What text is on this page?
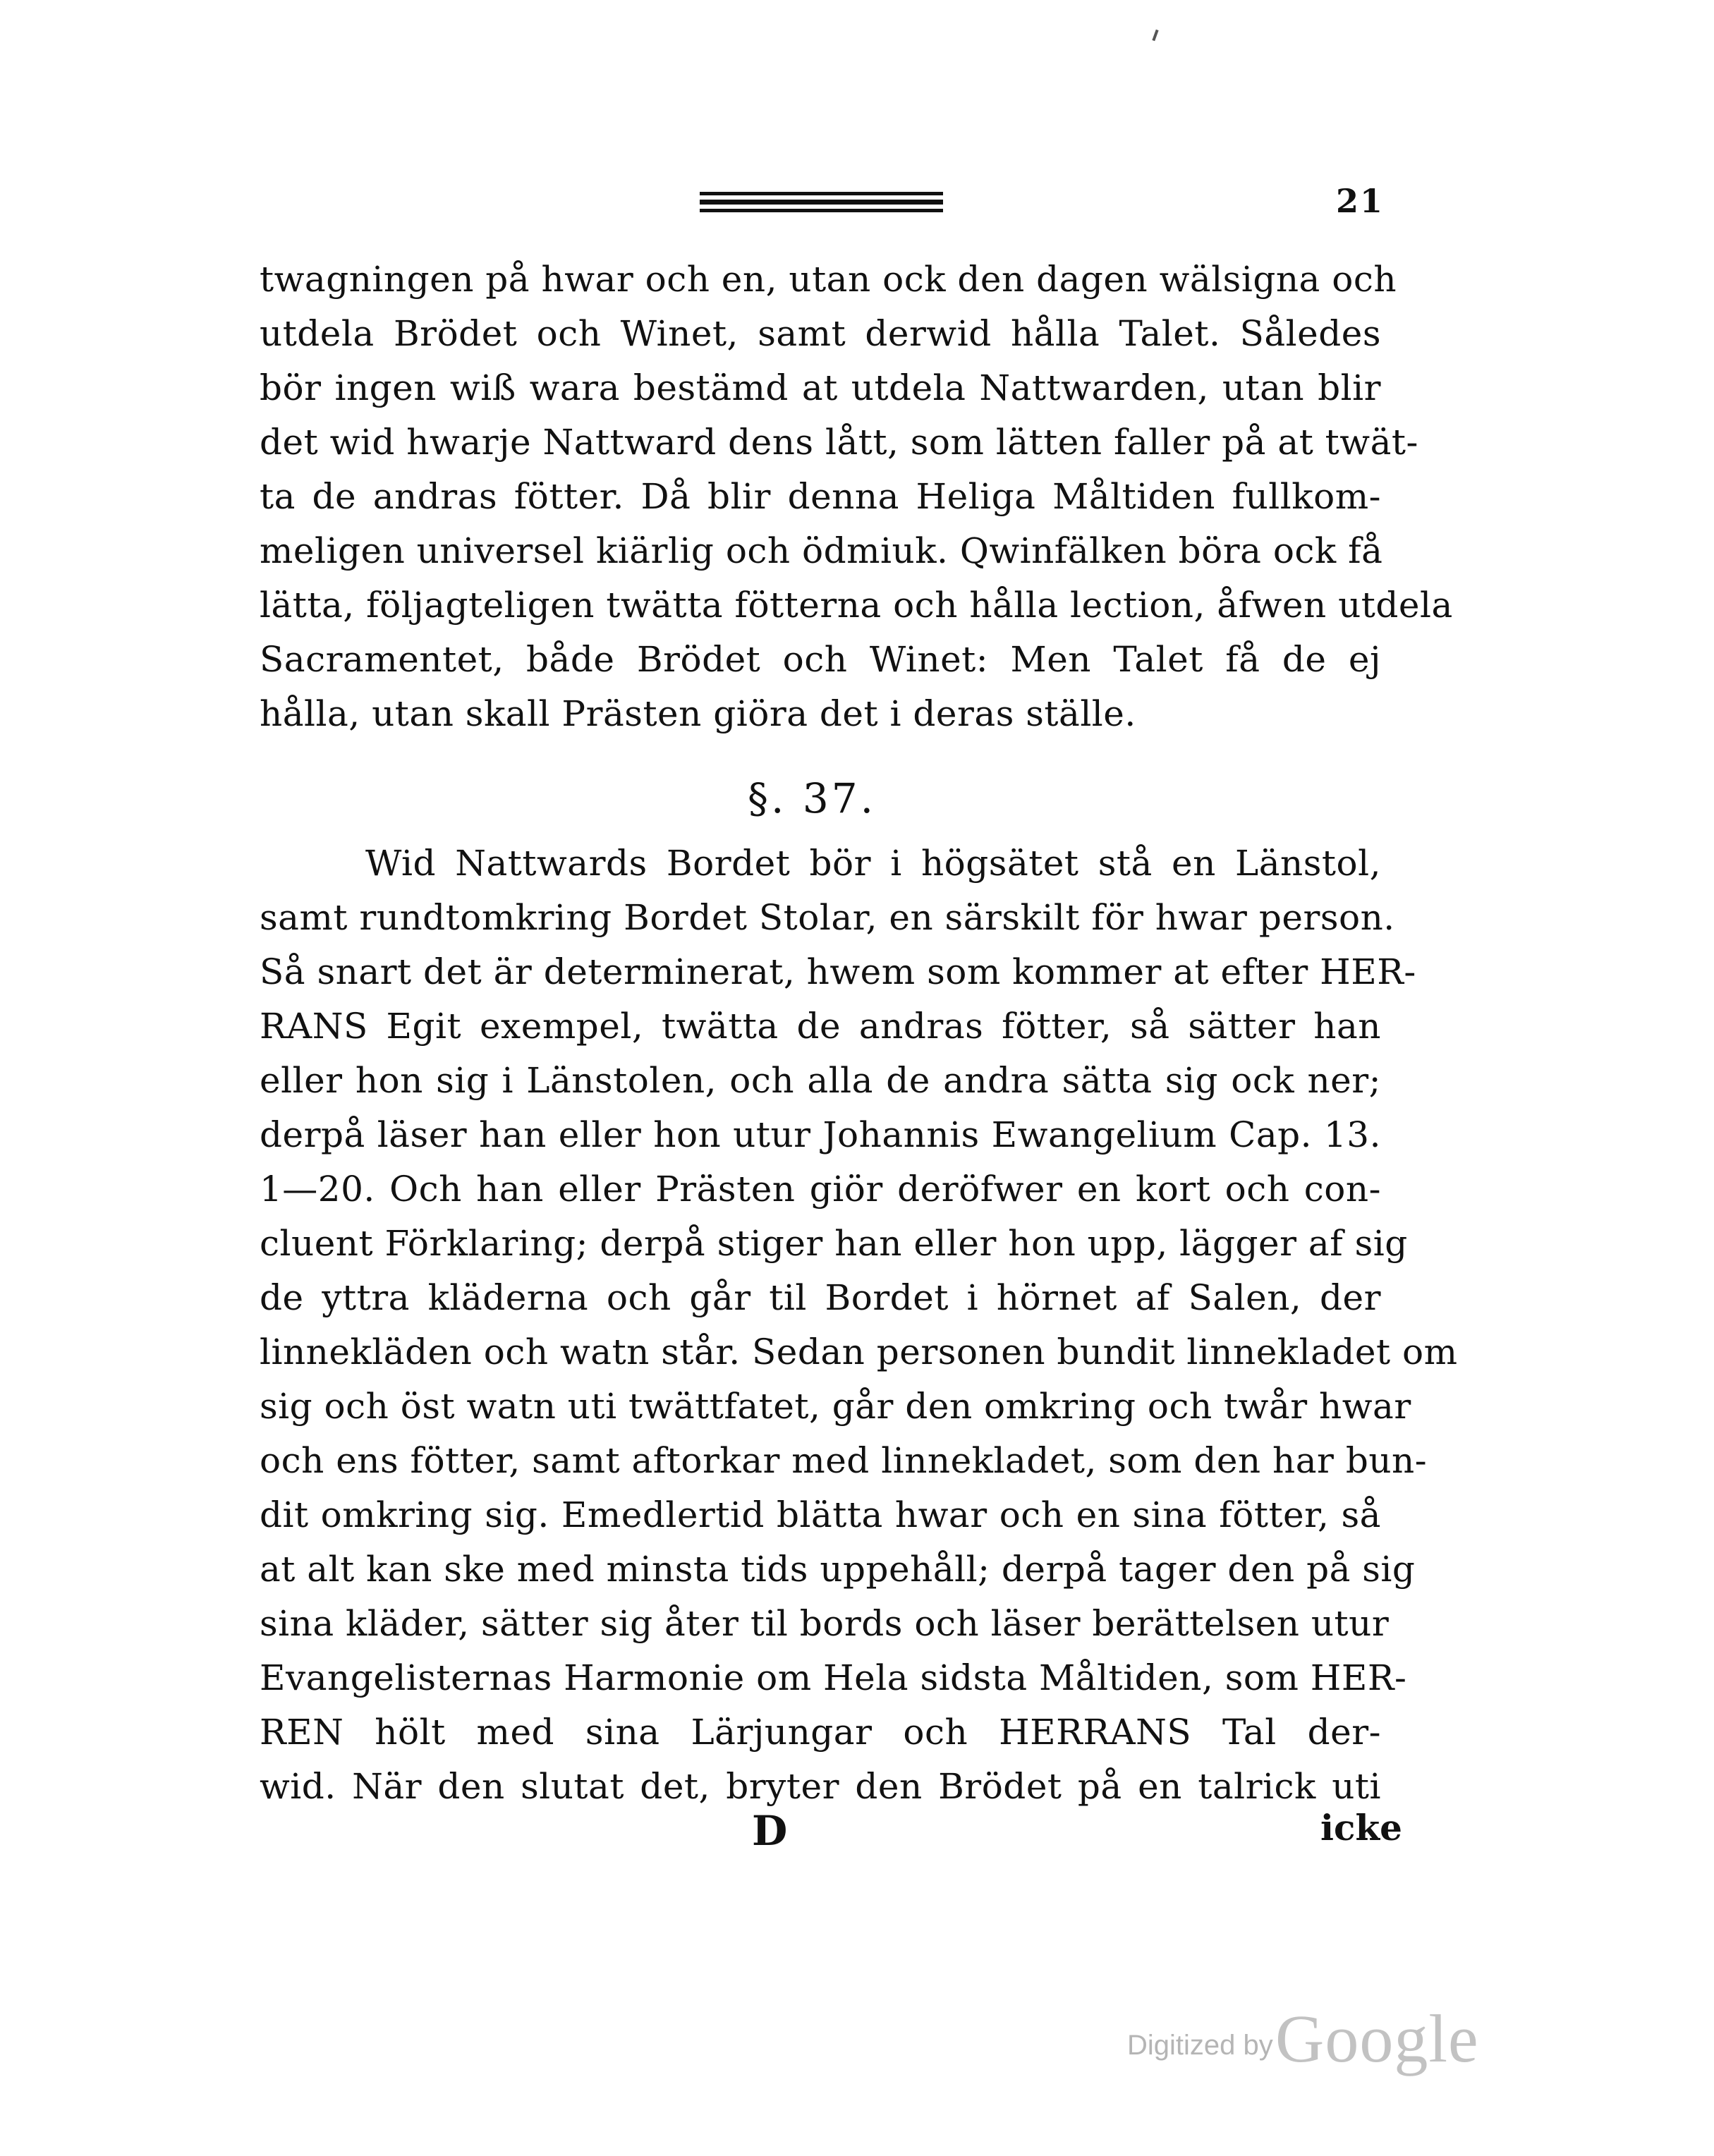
21
twagningen på hwar och en, utan ock den dagen wälsigna och
utdela Brödet och Winet, samt derwid hålla Talet. Således
bör ingen wiß wara bestämd at utdela Nattwarden, utan blir
det wid hwarje Nattward dens lått, som lätten faller på at twät-
ta de andras fötter. Då blir denna Heliga Måltiden fullkom-
meligen universel kiärlig och ödmiuk. Qwinfälken böra ock få
lätta, följagteligen twätta fötterna och hålla lection, åfwen utdela
Sacramentet, både Brödet och Winet: Men Talet få de ej
hålla, utan skall Prästen giöra det i deras ställe.
§. 37.
Wid Nattwards Bordet bör i högsätet stå en Länstol,
samt rundtomkring Bordet Stolar, en särskilt för hwar person.
Så snart det är determinerat, hwem som kommer at efter HER-
RANS Egit exempel, twätta de andras fötter, så sätter han
eller hon sig i Länstolen, och alla de andra sätta sig ock ner;
derpå läser han eller hon utur Johannis Ewangelium Cap. 13.
1—20. Och han eller Prästen giör deröfwer en kort och con-
cluent Förklaring; derpå stiger han eller hon upp, lägger af sig
de yttra kläderna och går til Bordet i hörnet af Salen, der
linnekläden och watn står. Sedan personen bundit linnekladet om
sig och öst watn uti twättfatet, går den omkring och twår hwar
och ens fötter, samt aftorkar med linnekladet, som den har bun-
dit omkring sig. Emedlertid blätta hwar och en sina fötter, så
at alt kan ske med minsta tids uppehåll; derpå tager den på sig
sina kläder, sätter sig åter til bords och läser berättelsen utur
Evangelisternas Harmonie om Hela sidsta Måltiden, som HER-
REN hölt med sina Lärjungar och HERRANS Tal der-
wid. När den slutat det, bryter den Brödet på en talrick uti
D	icke
Digitized by Google
